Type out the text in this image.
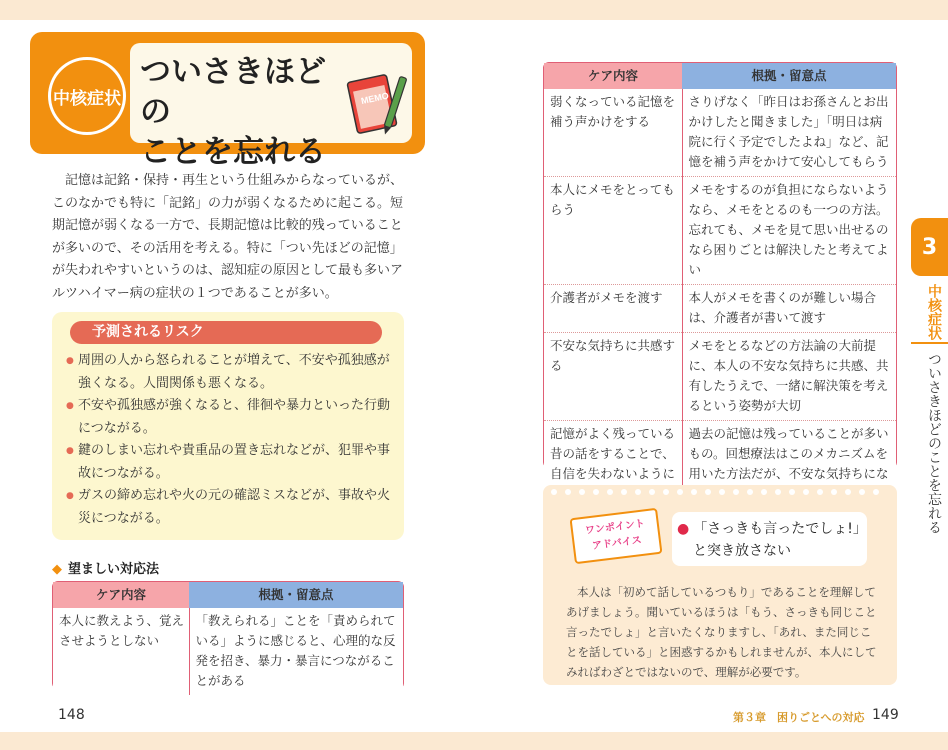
中核症状
ついさきほどの
ことを忘れる
MEMO

記憶は記銘・保持・再生という仕組みからなっているが、このなかでも特に「記銘」の力が弱くなるために起こる。短期記憶が弱くなる一方で、長期記憶は比較的残っていることが多いので、その活用を考える。特に「つい先ほどの記憶」が失われやすいというのは、認知症の原因として最も多いアルツハイマー病の症状の１つであることが多い。

予測されるリスク
● 周囲の人から怒られることが増えて、不安や孤独感が強くなる。人間関係も悪くなる。
● 不安や孤独感が強くなると、徘徊や暴力といった行動につながる。
● 鍵のしまい忘れや貴重品の置き忘れなどが、犯罪や事故につながる。
● ガスの締め忘れや火の元の確認ミスなどが、事故や火災につながる。
◆ 望ましい対応法
ケア内容	根拠・留意点
本人に教えよう、覚えさせようとしない	「教えられる」ことを「責められている」ように感じると、心理的な反発を招き、暴力・暴言につながることがある
148
ケア内容	根拠・留意点
弱くなっている記憶を補う声かけをする	さりげなく「昨日はお孫さんとお出かけしたと聞きました」「明日は病院に行く予定でしたよね」など、記憶を補う声をかけて安心してもらう
本人にメモをとってもらう	メモをするのが負担にならないようなら、メモをとるのも一つの方法。忘れても、メモを見て思い出せるのなら困りごとは解決したと考えてよい
介護者がメモを渡す	本人がメモを書くのが難しい場合は、介護者が書いて渡す
不安な気持ちに共感する	メモをとるなどの方法論の大前提に、本人の不安な気持ちに共感、共有したうえで、一緒に解決策を考えるという姿勢が大切
記憶がよく残っている昔の話をすることで、自信を失わないように	過去の記憶は残っていることが多いもの。回想療法はこのメカニズムを用いた方法だが、不安な気持ちにな
ワンポイント
アドバイス
● 「さっきも言ったでしょ!」
と突き放さない

本人は「初めて話しているつもり」であることを理解してあげましょう。聞いているほうは「もう、さっきも同じこと言ったでしょ」と言いたくなりますし、「あれ、また同じことを話している」と困惑するかもしれませんが、本人にしてみればわざとではないので、理解が必要です。

3
中核症状
ついさきほどのことを忘れる
第３章　困りごとへの対応 149
